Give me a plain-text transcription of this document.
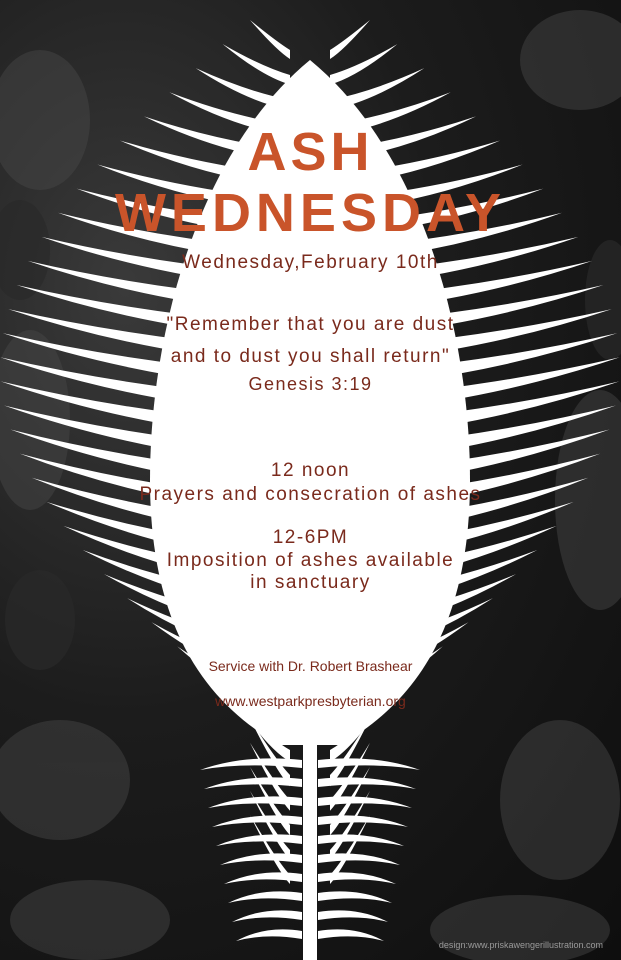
ASH
WEDNESDAY
Wednesday,February 10th
"Remember that you are dust
and to dust you shall return"
Genesis 3:19
12 noon
Prayers and consecration of ashes
12-6PM
Imposition of ashes available
in sanctuary
Service with Dr. Robert Brashear
www.westparkpresbyterian.org
design:www.priskawengerillustration.com
